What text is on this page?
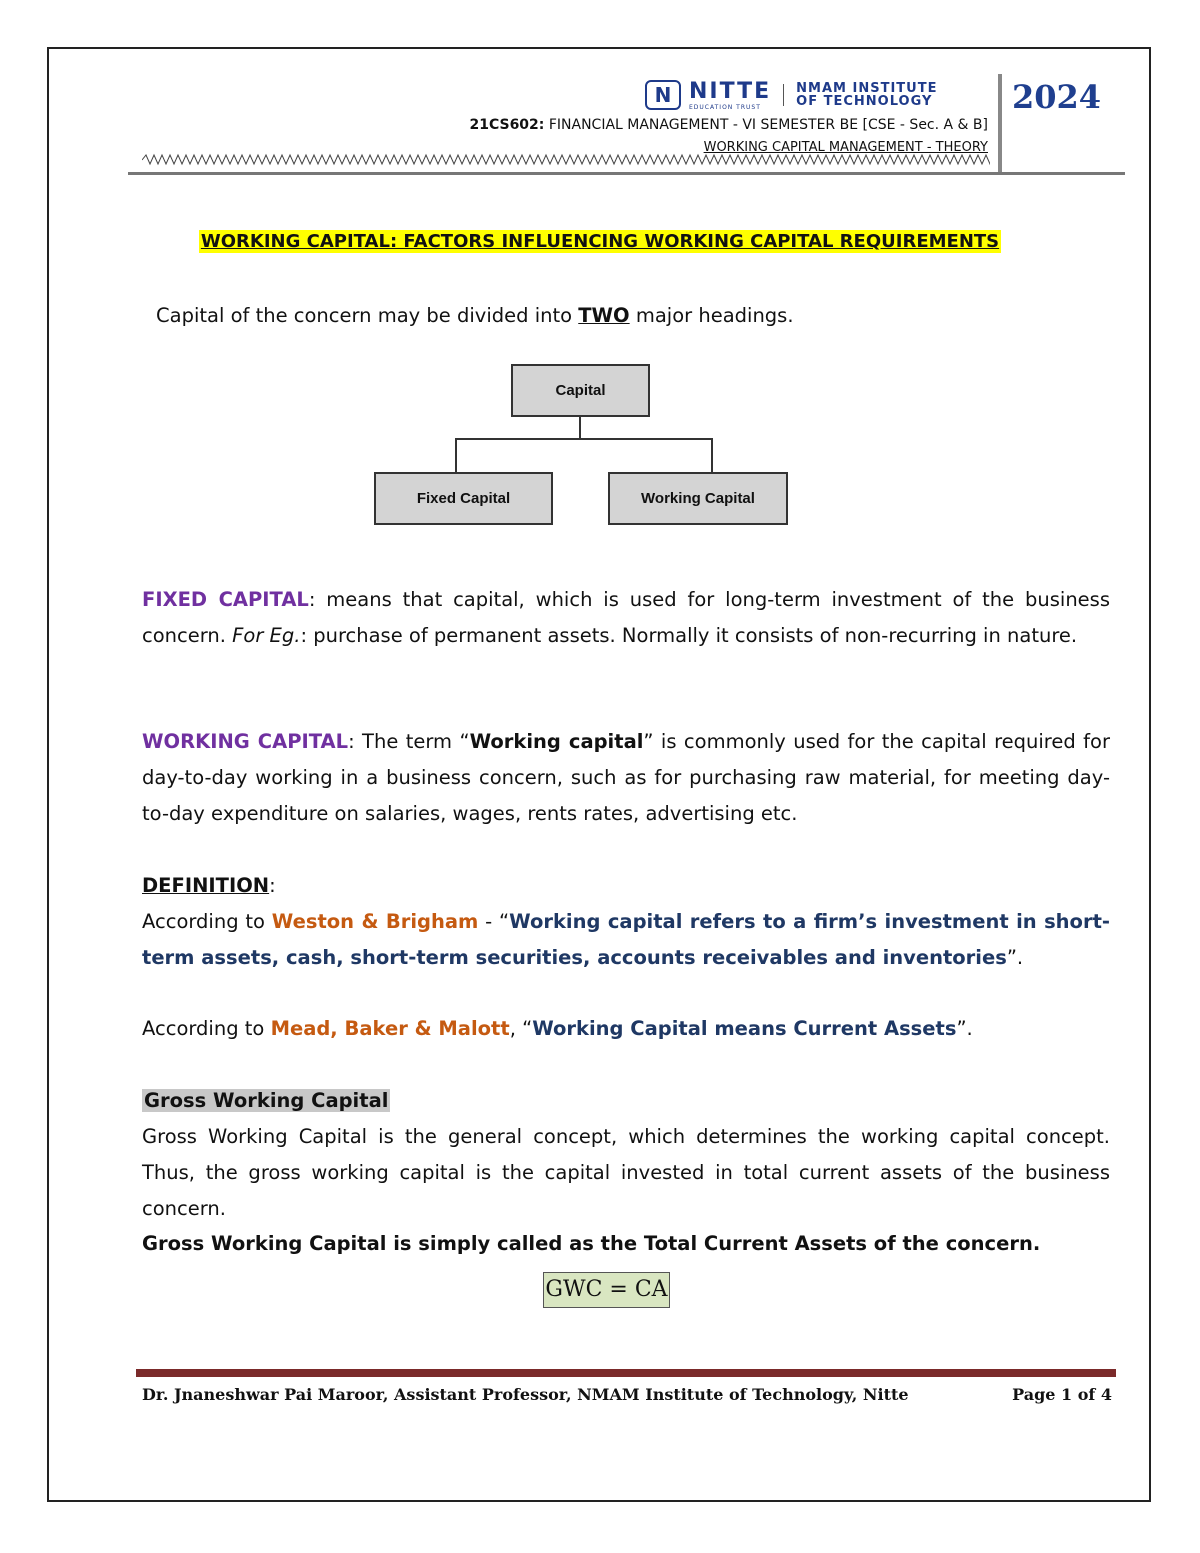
N NITTE
EDUCATION TRUST
NMAM INSTITUTE
OF TECHNOLOGY 2024
21CS602: FINANCIAL MANAGEMENT - VI SEMESTER BE [CSE - Sec. A & B]
WORKING CAPITAL MANAGEMENT - THEORY
WORKING CAPITAL: FACTORS INFLUENCING WORKING CAPITAL REQUIREMENTS
Capital of the concern may be divided into TWO major headings.
Capital
Fixed Capital	Working Capital
FIXED CAPITAL: means that capital, which is used for long-term investment of the business concern. For Eg.: purchase of permanent assets. Normally it consists of non-recurring in nature.
WORKING CAPITAL: The term “Working capital” is commonly used for the capital required for day-to-day working in a business concern, such as for purchasing raw material, for meeting day-to-day expenditure on salaries, wages, rents rates, advertising etc.
DEFINITION:
According to Weston & Brigham - “Working capital refers to a firm’s investment in short-term assets, cash, short-term securities, accounts receivables and inventories”.
According to Mead, Baker & Malott, “Working Capital means Current Assets”.
Gross Working Capital
Gross Working Capital is the general concept, which determines the working capital concept. Thus, the gross working capital is the capital invested in total current assets of the business concern.
Gross Working Capital is simply called as the Total Current Assets of the concern.
GWC = CA
Dr. Jnaneshwar Pai Maroor, Assistant Professor, NMAM Institute of Technology, Nitte	Page 1 of 4
